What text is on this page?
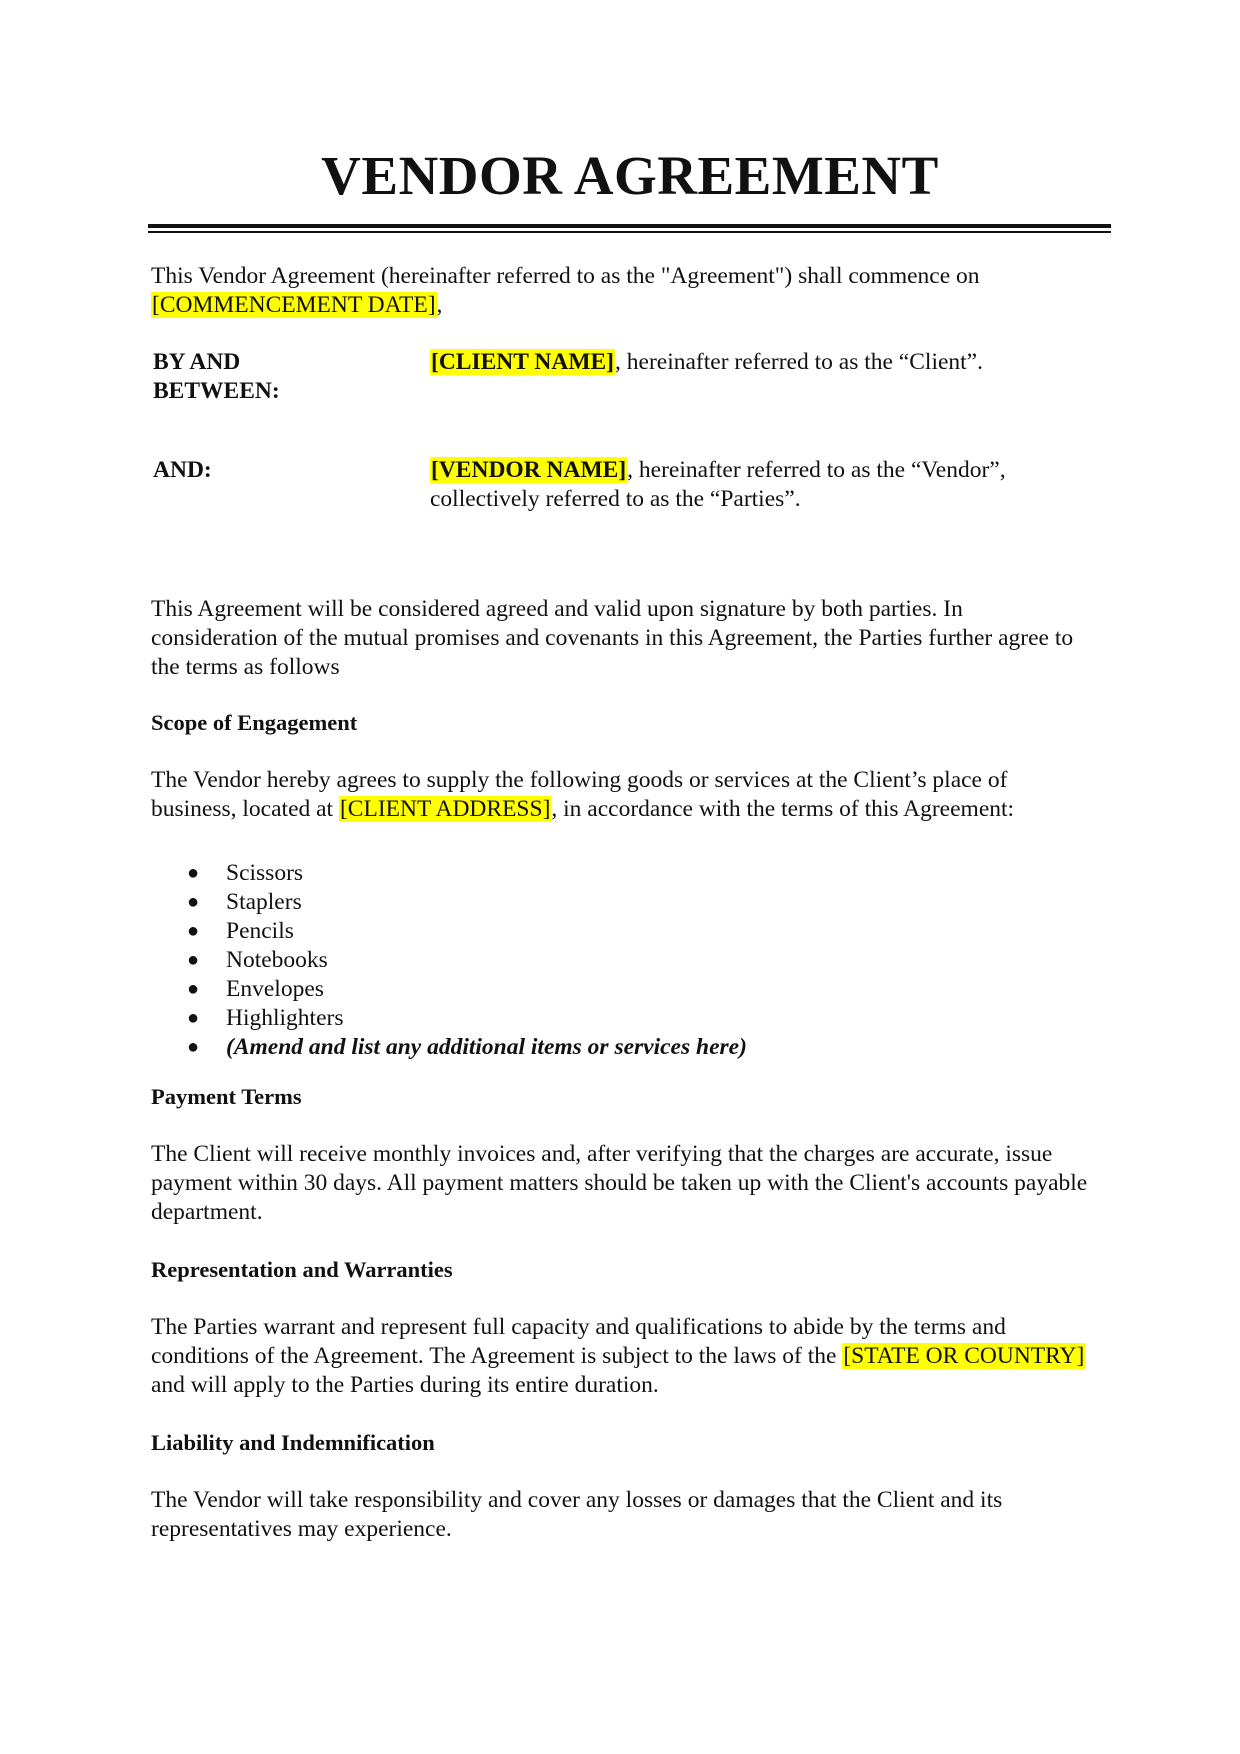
VENDOR AGREEMENT
This Vendor Agreement (hereinafter referred to as the "Agreement") shall commence on
[COMMENCEMENT DATE],
BY AND
BETWEEN:
[CLIENT NAME], hereinafter referred to as the “Client”.
AND:	[VENDOR NAME], hereinafter referred to as the “Vendor”, collectively referred to as the “Parties”.
This Agreement will be considered agreed and valid upon signature by both parties. In consideration of the mutual promises and covenants in this Agreement, the Parties further agree to the terms as follows
Scope of Engagement
The Vendor hereby agrees to supply the following goods or services at the Client’s place of business, located at [CLIENT ADDRESS], in accordance with the terms of this Agreement:
● Scissors
● Staplers
● Pencils
● Notebooks
● Envelopes
● Highlighters
● (Amend and list any additional items or services here)
Payment Terms
The Client will receive monthly invoices and, after verifying that the charges are accurate, issue payment within 30 days. All payment matters should be taken up with the Client's accounts payable department.
Representation and Warranties
The Parties warrant and represent full capacity and qualifications to abide by the terms and conditions of the Agreement. The Agreement is subject to the laws of the [STATE OR COUNTRY] and will apply to the Parties during its entire duration.
Liability and Indemnification
The Vendor will take responsibility and cover any losses or damages that the Client and its representatives may experience.
